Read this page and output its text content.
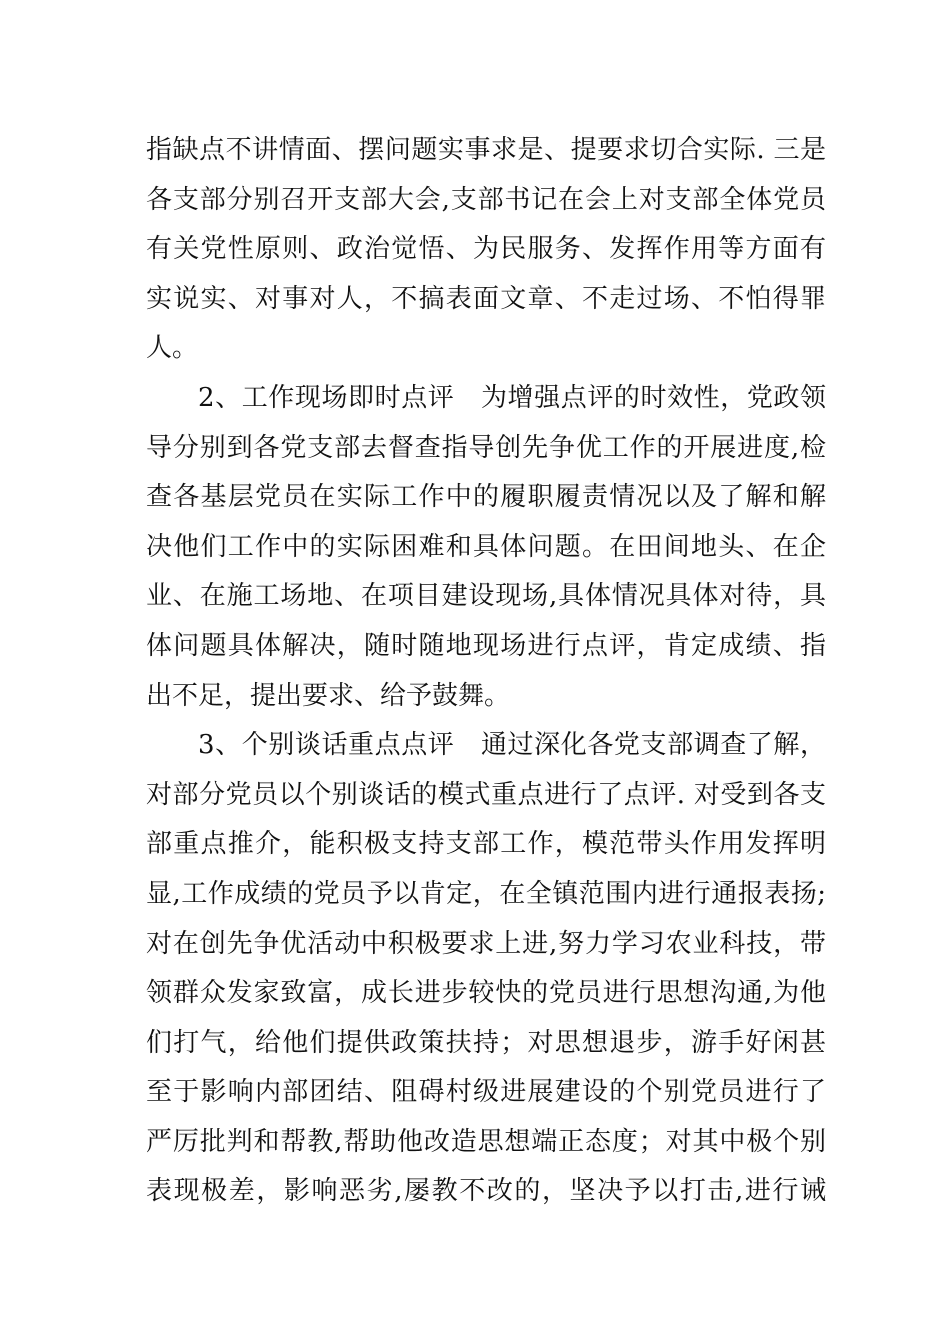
指缺点不讲情面、摆问题实事求是、提要求切合实际. 三是
各支部分别召开支部大会,支部书记在会上对支部全体党员
有关党性原则、政治觉悟、为民服务、发挥作用等方面有
实说实、对事对人，不搞表面文章、不走过场、不怕得罪
人。
2、工作现场即时点评　为增强点评的时效性，党政领
导分别到各党支部去督查指导创先争优工作的开展进度,检
查各基层党员在实际工作中的履职履责情况以及了解和解
决他们工作中的实际困难和具体问题。在田间地头、在企
业、在施工场地、在项目建设现场,具体情况具体对待，具
体问题具体解决，随时随地现场进行点评，肯定成绩、指
出不足，提出要求、给予鼓舞。
3、个别谈话重点点评　通过深化各党支部调查了解，
对部分党员以个别谈话的模式重点进行了点评. 对受到各支
部重点推介，能积极支持支部工作，模范带头作用发挥明
显,工作成绩的党员予以肯定，在全镇范围内进行通报表扬;
对在创先争优活动中积极要求上进,努力学习农业科技，带
领群众发家致富，成长进步较快的党员进行思想沟通,为他
们打气，给他们提供政策扶持；对思想退步，游手好闲甚
至于影响内部团结、阻碍村级进展建设的个别党员进行了
严厉批判和帮教,帮助他改造思想端正态度；对其中极个别
表现极差，影响恶劣,屡教不改的，坚决予以打击,进行诫
